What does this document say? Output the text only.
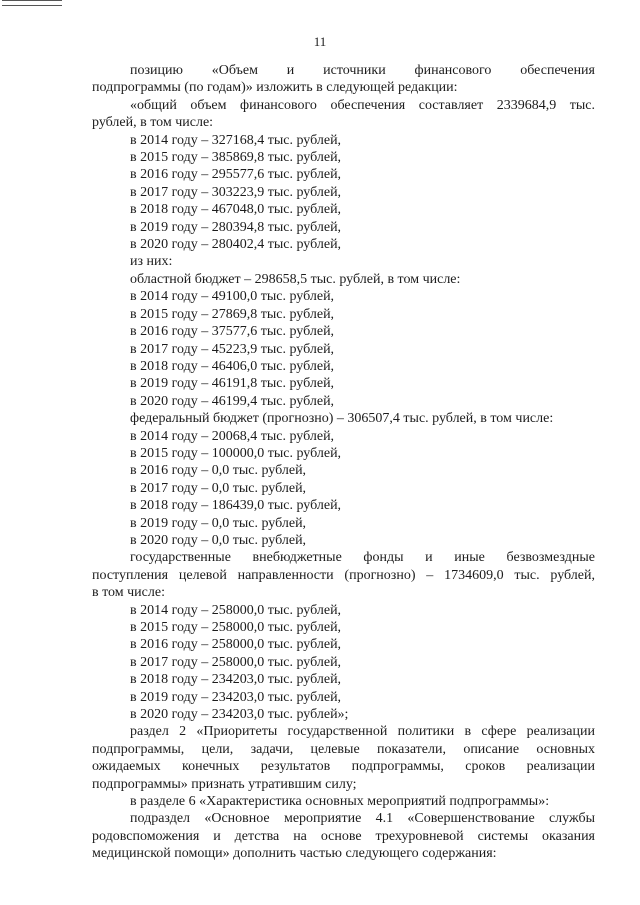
11
позицию «Объем и источники финансового обеспечения
подпрограммы (по годам)» изложить в следующей редакции:
«общий объем финансового обеспечения составляет 2339684,9 тыс.
рублей, в том числе:
в 2014 году – 327168,4 тыс. рублей,
в 2015 году – 385869,8 тыс. рублей,
в 2016 году – 295577,6 тыс. рублей,
в 2017 году – 303223,9 тыс. рублей,
в 2018 году – 467048,0 тыс. рублей,
в 2019 году – 280394,8 тыс. рублей,
в 2020 году – 280402,4 тыс. рублей,
из них:
областной бюджет – 298658,5 тыс. рублей, в том числе:
в 2014 году – 49100,0 тыс. рублей,
в 2015 году – 27869,8 тыс. рублей,
в 2016 году – 37577,6 тыс. рублей,
в 2017 году – 45223,9 тыс. рублей,
в 2018 году – 46406,0 тыс. рублей,
в 2019 году – 46191,8 тыс. рублей,
в 2020 году – 46199,4 тыс. рублей,
федеральный бюджет (прогнозно) – 306507,4 тыс. рублей, в том числе:
в 2014 году – 20068,4 тыс. рублей,
в 2015 году – 100000,0 тыс. рублей,
в 2016 году – 0,0 тыс. рублей,
в 2017 году – 0,0 тыс. рублей,
в 2018 году – 186439,0 тыс. рублей,
в 2019 году – 0,0 тыс. рублей,
в 2020 году – 0,0 тыс. рублей,
государственные внебюджетные фонды и иные безвозмездные
поступления целевой направленности (прогнозно) – 1734609,0 тыс. рублей,
в том числе:
в 2014 году – 258000,0 тыс. рублей,
в 2015 году – 258000,0 тыс. рублей,
в 2016 году – 258000,0 тыс. рублей,
в 2017 году – 258000,0 тыс. рублей,
в 2018 году – 234203,0 тыс. рублей,
в 2019 году – 234203,0 тыс. рублей,
в 2020 году – 234203,0 тыс. рублей»;
раздел 2 «Приоритеты государственной политики в сфере реализации
подпрограммы, цели, задачи, целевые показатели, описание основных
ожидаемых конечных результатов подпрограммы, сроков реализации
подпрограммы» признать утратившим силу;
в разделе 6 «Характеристика основных мероприятий подпрограммы»:
подраздел «Основное мероприятие 4.1 «Совершенствование службы
родовспоможения и детства на основе трехуровневой системы оказания
медицинской помощи» дополнить частью следующего содержания:
